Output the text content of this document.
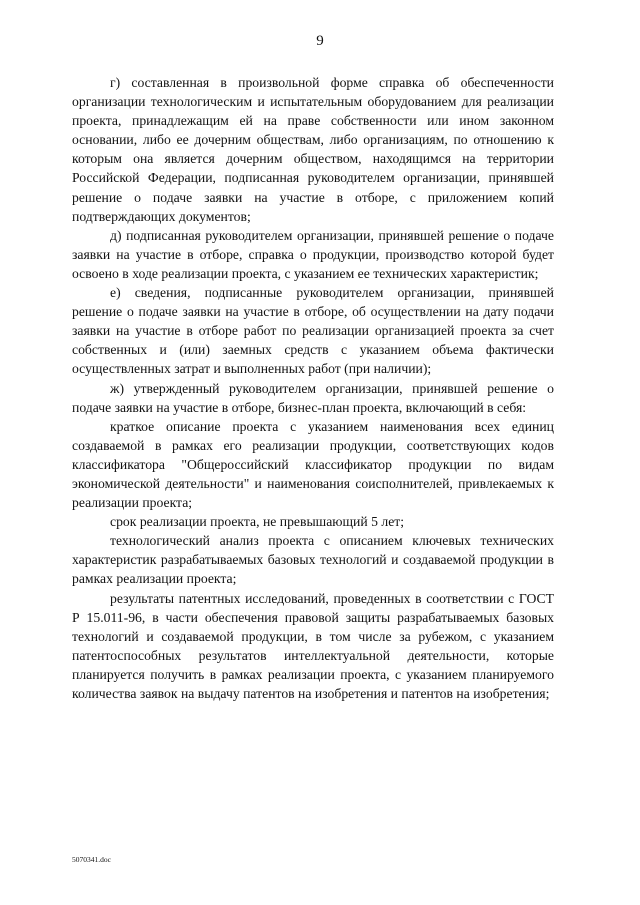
9

г) составленная в произвольной форме справка об обеспеченности организации технологическим и испытательным оборудованием для реализации проекта, принадлежащим ей на праве собственности или ином законном основании, либо ее дочерним обществам, либо организациям, по отношению к которым она является дочерним обществом, находящимся на территории Российской Федерации, подписанная руководителем организации, принявшей решение о подаче заявки на участие в отборе, с приложением копий подтверждающих документов;

д) подписанная руководителем организации, принявшей решение о подаче заявки на участие в отборе, справка о продукции, производство которой будет освоено в ходе реализации проекта, с указанием ее технических характеристик;

е) сведения, подписанные руководителем организации, принявшей решение о подаче заявки на участие в отборе, об осуществлении на дату подачи заявки на участие в отборе работ по реализации организацией проекта за счет собственных и (или) заемных средств с указанием объема фактически осуществленных затрат и выполненных работ (при наличии);

ж) утвержденный руководителем организации, принявшей решение о подаче заявки на участие в отборе, бизнес-план проекта, включающий в себя:

краткое описание проекта с указанием наименования всех единиц создаваемой в рамках его реализации продукции, соответствующих кодов классификатора "Общероссийский классификатор продукции по видам экономической деятельности" и наименования соисполнителей, привлекаемых к реализации проекта;

срок реализации проекта, не превышающий 5 лет;

технологический анализ проекта с описанием ключевых технических характеристик разрабатываемых базовых технологий и создаваемой продукции в рамках реализации проекта;

результаты патентных исследований, проведенных в соответствии с ГОСТ Р 15.011-96, в части обеспечения правовой защиты разрабатываемых базовых технологий и создаваемой продукции, в том числе за рубежом, с указанием патентоспособных результатов интеллектуальной деятельности, которые планируется получить в рамках реализации проекта, с указанием планируемого количества заявок на выдачу патентов на изобретения и патентов на изобретения;

5070341.doc
